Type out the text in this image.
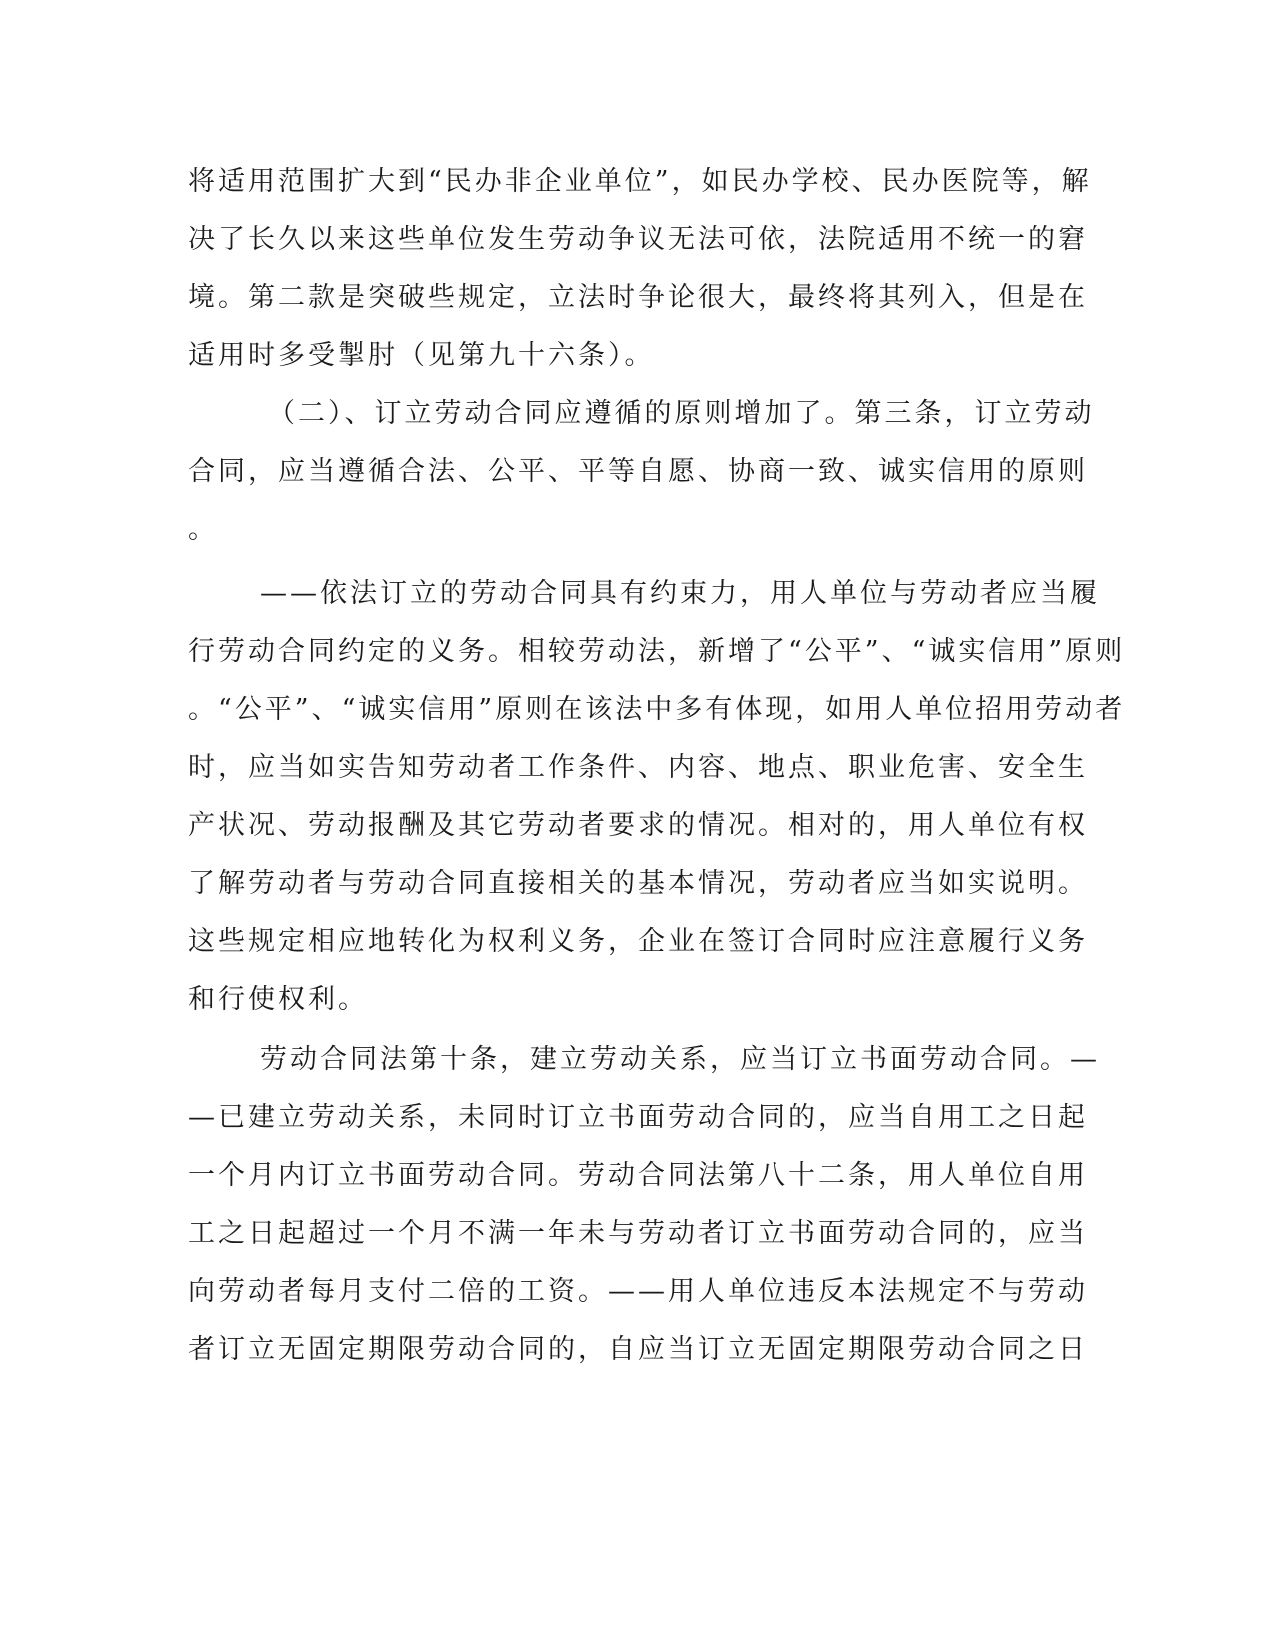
将适用范围扩大到“民办非企业单位”，如民办学校、民办医院等，解
决了长久以来这些单位发生劳动争议无法可依，法院适用不统一的窘
境。第二款是突破些规定，立法时争论很大，最终将其列入，但是在
适用时多受掣肘（见第九十六条）。
（二）、订立劳动合同应遵循的原则增加了。第三条，订立劳动
合同，应当遵循合法、公平、平等自愿、协商一致、诚实信用的原则
。
——依法订立的劳动合同具有约束力，用人单位与劳动者应当履
行劳动合同约定的义务。相较劳动法，新增了“公平”、“诚实信用”原则
。“公平”、“诚实信用”原则在该法中多有体现，如用人单位招用劳动者
时，应当如实告知劳动者工作条件、内容、地点、职业危害、安全生
产状况、劳动报酬及其它劳动者要求的情况。相对的，用人单位有权
了解劳动者与劳动合同直接相关的基本情况，劳动者应当如实说明。
这些规定相应地转化为权利义务，企业在签订合同时应注意履行义务
和行使权利。
劳动合同法第十条，建立劳动关系，应当订立书面劳动合同。—
—已建立劳动关系，未同时订立书面劳动合同的，应当自用工之日起
一个月内订立书面劳动合同。劳动合同法第八十二条，用人单位自用
工之日起超过一个月不满一年未与劳动者订立书面劳动合同的，应当
向劳动者每月支付二倍的工资。——用人单位违反本法规定不与劳动
者订立无固定期限劳动合同的，自应当订立无固定期限劳动合同之日
